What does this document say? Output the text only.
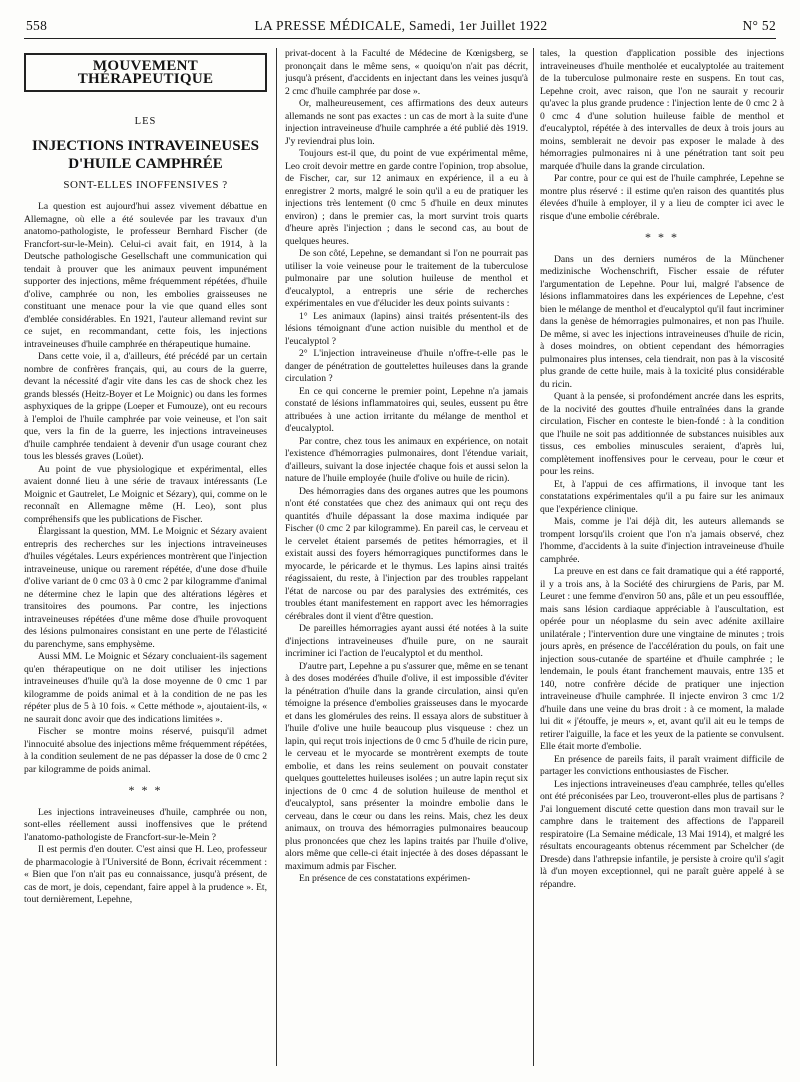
558	LA PRESSE MÉDICALE, Samedi, 1er Juillet 1922	N° 52
MOUVEMENT THÉRAPEUTIQUE
LES
INJECTIONS INTRAVEINEUSES D'HUILE CAMPHRÉE
SONT-ELLES INOFFENSIVES ?

La question est aujourd'hui assez vivement débattue en Allemagne, où elle a été soulevée par les travaux d'un anatomo-pathologiste, le professeur Bernhard Fischer (de Francfort-sur-le-Mein). Celui-ci avait fait, en 1914, à la Deutsche pathologische Gesellschaft une communication qui tendait à prouver que les animaux peuvent impunément supporter des injections, même fréquemment répétées, d'huile d'olive, camphrée ou non, les embolies graisseuses ne constituant une menace pour la vie que quand elles sont d'emblée considérables. En 1921, l'auteur allemand revint sur ce sujet, en recommandant, cette fois, les injections intraveineuses d'huile camphrée en thérapeutique humaine.

Dans cette voie, il a, d'ailleurs, été précédé par un certain nombre de confrères français, qui, au cours de la guerre, devant la nécessité d'agir vite dans les cas de shock chez les grands blessés (Heitz-Boyer et Le Moignic) ou dans les formes asphyxiques de la grippe (Loeper et Fumouze), ont eu recours à l'emploi de l'huile camphrée par voie veineuse, et l'on sait que, vers la fin de la guerre, les injections intraveineuses d'huile camphrée tendaient à devenir d'un usage courant chez tous les blessés graves (Loüet).

Au point de vue physiologique et expérimental, elles avaient donné lieu à une série de travaux intéressants (Le Moignic et Gautrelet, Le Moignic et Sézary), qui, comme on le reconnaît en Allemagne même (H. Leo), sont plus compréhensifs que les publications de Fischer.

Élargissant la question, MM. Le Moignic et Sézary avaient entrepris des recherches sur les injections intraveineuses d'huiles végétales. Leurs expériences montrèrent que l'injection intraveineuse, unique ou rarement répétée, d'une dose d'huile d'olive variant de 0 cmc 03 à 0 cmc 2 par kilogramme d'animal ne détermine chez le lapin que des altérations légères et transitoires des poumons. Par contre, les injections intraveineuses répétées d'une même dose d'huile provoquent des lésions pulmonaires consistant en une perte de l'élasticité du parenchyme, sans emphysème.

Aussi MM. Le Moignic et Sézary concluaient-ils sagement qu'en thérapeutique on ne doit utiliser les injections intraveineuses d'huile qu'à la dose moyenne de 0 cmc 1 par kilogramme de poids animal et à la condition de ne pas les répéter plus de 5 à 10 fois. « Cette méthode », ajoutaient-ils, « ne saurait donc avoir que des indications limitées ».

Fischer se montre moins réservé, puisqu'il admet l'innocuité absolue des injections même fréquemment répétées, à la condition seulement de ne pas dépasser la dose de 0 cmc 2 par kilogramme de poids animal.

* * *

Les injections intraveineuses d'huile, camphrée ou non, sont-elles réellement aussi inoffensives que le prétend l'anatomo-pathologiste de Francfort-sur-le-Mein ?

Il est permis d'en douter. C'est ainsi que H. Leo, professeur de pharmacologie à l'Université de Bonn, écrivait récemment : « Bien que l'on n'ait pas eu connaissance, jusqu'à présent, de cas de mort, je dois, cependant, faire appel à la prudence ». Et, tout dernièrement, Lepehne,

privat-docent à la Faculté de Médecine de Kœnigsberg, se prononçait dans le même sens, « quoiqu'on n'ait pas décrit, jusqu'à présent, d'accidents en injectant dans les veines jusqu'à 2 cmc d'huile camphrée par dose ».

Or, malheureusement, ces affirmations des deux auteurs allemands ne sont pas exactes : un cas de mort à la suite d'une injection intraveineuse d'huile camphrée a été publié dès 1919. J'y reviendrai plus loin.

Toujours est-il que, du point de vue expérimental même, Leo croit devoir mettre en garde contre l'opinion, trop absolue, de Fischer, car, sur 12 animaux en expérience, il a eu à enregistrer 2 morts, malgré le soin qu'il a eu de pratiquer les injections très lentement (0 cmc 5 d'huile en deux minutes environ) ; dans le premier cas, la mort survint trois quarts d'heure après l'injection ; dans le second cas, au bout de quelques heures.

De son côté, Lepehne, se demandant si l'on ne pourrait pas utiliser la voie veineuse pour le traitement de la tuberculose pulmonaire par une solution huileuse de menthol et d'eucalyptol, a entrepris une série de recherches expérimentales en vue d'élucider les deux points suivants :

1° Les animaux (lapins) ainsi traités présentent-ils des lésions témoignant d'une action nuisible du menthol et de l'eucalyptol ?

2° L'injection intraveineuse d'huile n'offre-t-elle pas le danger de pénétration de gouttelettes huileuses dans la grande circulation ?

En ce qui concerne le premier point, Lepehne n'a jamais constaté de lésions inflammatoires qui, seules, eussent pu être attribuées à une action irritante du mélange de menthol et d'eucalyptol.

Par contre, chez tous les animaux en expérience, on notait l'existence d'hémorragies pulmonaires, dont l'étendue variait, d'ailleurs, suivant la dose injectée chaque fois et aussi selon la nature de l'huile employée (huile d'olive ou huile de ricin).

Des hémorragies dans des organes autres que les poumons n'ont été constatées que chez des animaux qui ont reçu des quantités d'huile dépassant la dose maxima indiquée par Fischer (0 cmc 2 par kilogramme). En pareil cas, le cerveau et le cervelet étaient parsemés de petites hémorragies, et il existait aussi des foyers hémorragiques punctiformes dans le myocarde, le péricarde et le thymus. Les lapins ainsi traités réagissaient, du reste, à l'injection par des troubles rappelant l'état de narcose ou par des paralysies des extrémités, ces troubles étant manifestement en rapport avec les hémorragies cérébrales dont il vient d'être question.

De pareilles hémorragies ayant aussi été notées à la suite d'injections intraveineuses d'huile pure, on ne saurait incriminer ici l'action de l'eucalyptol et du menthol.

D'autre part, Lepehne a pu s'assurer que, même en se tenant à des doses modérées d'huile d'olive, il est impossible d'éviter la pénétration d'huile dans la grande circulation, ainsi qu'en témoigne la présence d'embolies graisseuses dans le myocarde et dans les glomérules des reins. Il essaya alors de substituer à l'huile d'olive une huile beaucoup plus visqueuse : chez un lapin, qui reçut trois injections de 0 cmc 5 d'huile de ricin pure, le cerveau et le myocarde se montrèrent exempts de toute embolie, et dans les reins seulement on pouvait constater quelques gouttelettes huileuses isolées ; un autre lapin reçut six injections de 0 cmc 4 de solution huileuse de menthol et d'eucalyptol, sans présenter la moindre embolie dans le cerveau, dans le cœur ou dans les reins. Mais, chez les deux animaux, on trouva des hémorragies pulmonaires beaucoup plus prononcées que chez les lapins traités par l'huile d'olive, alors même que celle-ci était injectée à des doses dépassant le maximum admis par Fischer.

En présence de ces constatations expérimen-

tales, la question d'application possible des injections intraveineuses d'huile mentholée et eucalyptolée au traitement de la tuberculose pulmonaire reste en suspens. En tout cas, Lepehne croit, avec raison, que l'on ne saurait y recourir qu'avec la plus grande prudence : l'injection lente de 0 cmc 2 à 0 cmc 4 d'une solution huileuse faible de menthol et d'eucalyptol, répétée à des intervalles de deux à trois jours au moins, semblerait ne devoir pas exposer le malade à des hémorragies pulmonaires ni à une pénétration tant soit peu marquée d'huile dans la grande circulation.

Par contre, pour ce qui est de l'huile camphrée, Lepehne se montre plus réservé : il estime qu'en raison des quantités plus élevées d'huile à employer, il y a lieu de compter ici avec le risque d'une embolie cérébrale.

* * *

Dans un des derniers numéros de la Münchener medizinische Wochenschrift, Fischer essaie de réfuter l'argumentation de Lepehne. Pour lui, malgré l'absence de lésions inflammatoires dans les expériences de Lepehne, c'est bien le mélange de menthol et d'eucalyptol qu'il faut incriminer dans la genèse de hémorragies pulmonaires, et non pas l'huile. De même, si avec les injections intraveineuses d'huile de ricin, à doses moindres, on obtient cependant des hémorragies pulmonaires plus intenses, cela tiendrait, non pas à la viscosité plus grande de cette huile, mais à la toxicité plus considérable du ricin.

Quant à la pensée, si profondément ancrée dans les esprits, de la nocivité des gouttes d'huile entraînées dans la grande circulation, Fischer en conteste le bien-fondé : à la condition que l'huile ne soit pas additionnée de substances nuisibles aux tissus, ces embolies minuscules seraient, d'après lui, complètement inoffensives pour le cerveau, pour le cœur et pour les reins.

Et, à l'appui de ces affirmations, il invoque tant les constatations expérimentales qu'il a pu faire sur les animaux que l'expérience clinique.

Mais, comme je l'ai déjà dit, les auteurs allemands se trompent lorsqu'ils croient que l'on n'a jamais observé, chez l'homme, d'accidents à la suite d'injection intraveineuse d'huile camphrée.

La preuve en est dans ce fait dramatique qui a été rapporté, il y a trois ans, à la Société des chirurgiens de Paris, par M. Leuret : une femme d'environ 50 ans, pâle et un peu essoufflée, mais sans lésion cardiaque appréciable à l'auscultation, est opérée pour un néoplasme du sein avec adénite axillaire unilatérale ; l'intervention dure une vingtaine de minutes ; trois jours après, en présence de l'accélération du pouls, on fait une injection sous-cutanée de spartéine et d'huile camphrée ; le lendemain, le pouls étant franchement mauvais, entre 135 et 140, notre confrère décide de pratiquer une injection intraveineuse d'huile camphrée. Il injecte environ 3 cmc 1/2 d'huile dans une veine du bras droit : à ce moment, la malade lui dit « j'étouffe, je meurs », et, avant qu'il ait eu le temps de retirer l'aiguille, la face et les yeux de la patiente se convulsent. Elle était morte d'embolie.

En présence de pareils faits, il paraît vraiment difficile de partager les convictions enthousiastes de Fischer.

Les injections intraveineuses d'eau camphrée, telles qu'elles ont été préconisées par Leo, trouveront-elles plus de partisans ? J'ai longuement discuté cette question dans mon travail sur le camphre dans le traitement des affections de l'appareil respiratoire (La Semaine médicale, 13 Mai 1914), et malgré les résultats encourageants obtenus récemment par Schelcher (de Dresde) dans l'athrepsie infantile, je persiste à croire qu'il s'agit là d'un moyen exceptionnel, qui ne paraît guère appelé à se répandre.
